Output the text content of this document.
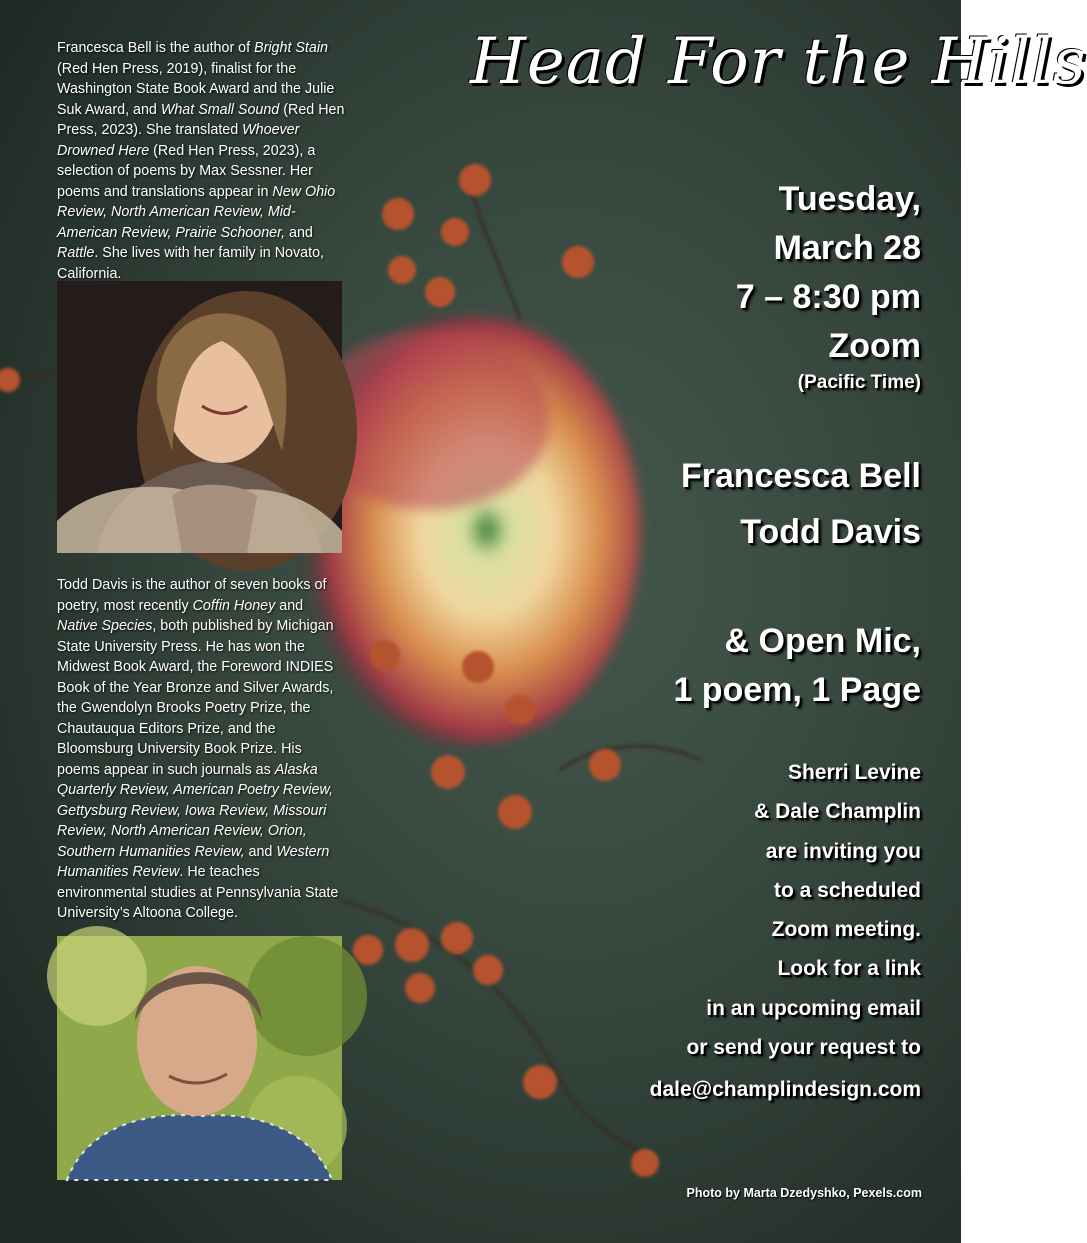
Head For the Hills
Francesca Bell is the author of Bright Stain (Red Hen Press, 2019), finalist for the Washington State Book Award and the Julie Suk Award, and What Small Sound (Red Hen Press, 2023). She translated Whoever Drowned Here (Red Hen Press, 2023), a selection of poems by Max Sessner. Her poems and translations appear in New Ohio Review, North American Review, Mid-American Review, Prairie Schooner, and Rattle. She lives with her family in Novato, California.
Todd Davis is the author of seven books of poetry, most recently Coffin Honey and Native Species, both published by Michigan State University Press. He has won the Midwest Book Award, the Foreword INDIES Book of the Year Bronze and Silver Awards, the Gwendolyn Brooks Poetry Prize, the Chautauqua Editors Prize, and the Bloomsburg University Book Prize. His poems appear in such journals as Alaska Quarterly Review, American Poetry Review, Gettysburg Review, Iowa Review, Missouri Review, North American Review, Orion, Southern Humanities Review, and Western Humanities Review. He teaches environmental studies at Pennsylvania State University’s Altoona College.
Tuesday,
March 28
7 – 8:30 pm
Zoom
(Pacific Time)
Francesca Bell
Todd Davis
& Open Mic,
1 poem, 1 Page
Sherri Levine
& Dale Champlin
are inviting you
to a scheduled
Zoom meeting.
Look for a link
in an upcoming email
or send your request to
dale@champlindesign.com
Photo by Marta Dzedyshko, Pexels.com
